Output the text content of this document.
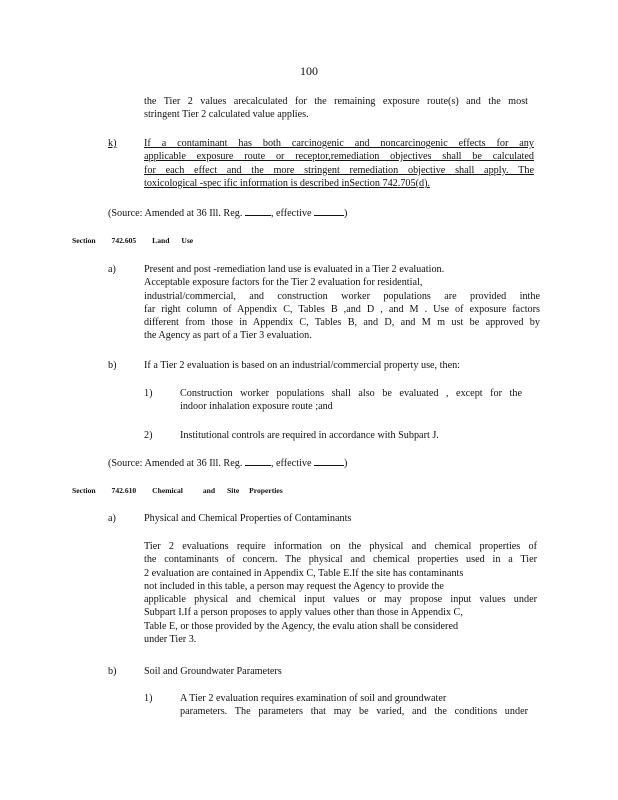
100
the Tier 2 values arecalculated for the remaining exposure route(s) and the most
stringent Tier 2 calculated value applies.
k)	If a contaminant has both carcinogenic and noncarcinogenic effects for any
applicable exposure route or receptor,remediation objectives shall be calculated
for each effect and the more stringent remediation objective shall apply. The
toxicological -spec ific information is described inSection 742.705(d).
(Source: Amended at 36 Ill. Reg.	, effective	)
Section 742.605 Land Use
a)	Present and post -remediation land use is evaluated in a Tier 2 evaluation.
Acceptable exposure factors for the Tier 2 evaluation for residential,
industrial/commercial, and construction worker populations are provided inthe
far right column of Appendix C, Tables B ,and D , and M . Use of exposure factors
different from those in Appendix C, Tables B, and D, and M m ust be approved by
the Agency as part of a Tier 3 evaluation.
b)	If a Tier 2 evaluation is based on an industrial/commercial property use, then:
1)	Construction worker populations shall also be evaluated , except for the
indoor inhalation exposure route ;and
2)	Institutional controls are required in accordance with Subpart J.
(Source: Amended at 36 Ill. Reg.	, effective	)
Section 742.610 Chemical	and Site Properties
a)	Physical and Chemical Properties of Contaminants
Tier 2 evaluations require information on the physical and chemical properties of
the contaminants of concern. The physical and chemical properties used in a Tier
2 evaluation are contained in Appendix C, Table E.If the site has contaminants
not included in this table, a person may request the Agency to provide the
applicable physical and chemical input values or may propose input values under
Subpart I.If a person proposes to apply values other than those in Appendix C,
Table E, or those provided by the Agency, the evalu ation shall be considered
under Tier 3.
b)	Soil and Groundwater Parameters
1)	A Tier 2 evaluation requires examination of soil and groundwater
parameters. The parameters that may be varied, and the conditions under
